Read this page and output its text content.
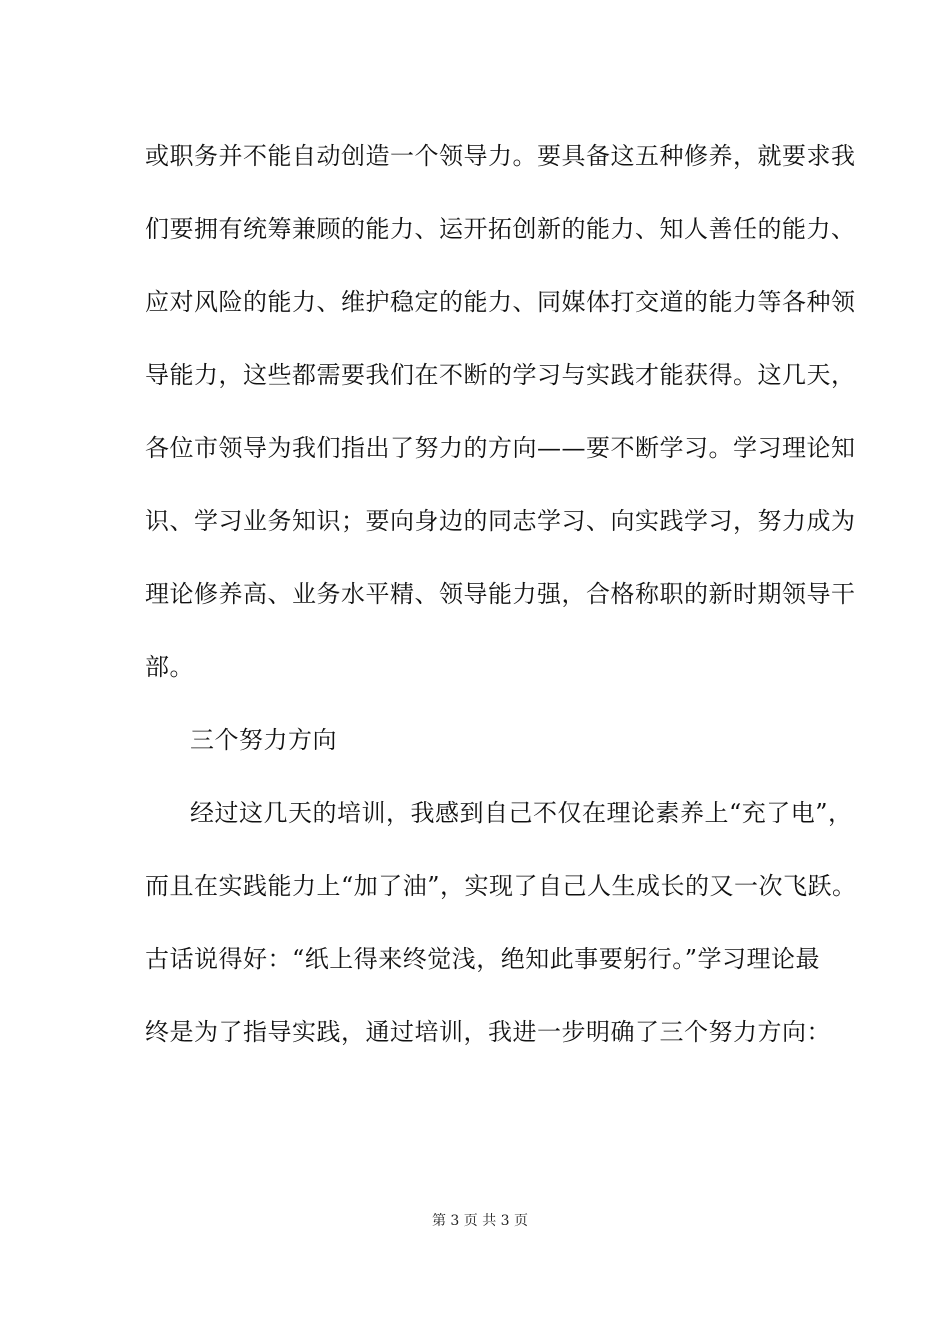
或职务并不能自动创造一个领导力。要具备这五种修养，就要求我
们要拥有统筹兼顾的能力、运开拓创新的能力、知人善任的能力、
应对风险的能力、维护稳定的能力、同媒体打交道的能力等各种领
导能力，这些都需要我们在不断的学习与实践才能获得。这几天，
各位市领导为我们指出了努力的方向——要不断学习。学习理论知
识、学习业务知识；要向身边的同志学习、向实践学习，努力成为
理论修养高、业务水平精、领导能力强，合格称职的新时期领导干
部。
三个努力方向
经过这几天的培训，我感到自己不仅在理论素养上“充了电”，
而且在实践能力上“加了油”，实现了自己人生成长的又一次飞跃。
古话说得好：“纸上得来终觉浅，绝知此事要躬行。”学习理论最
终是为了指导实践，通过培训，我进一步明确了三个努力方向：
第 3 页 共 3 页
